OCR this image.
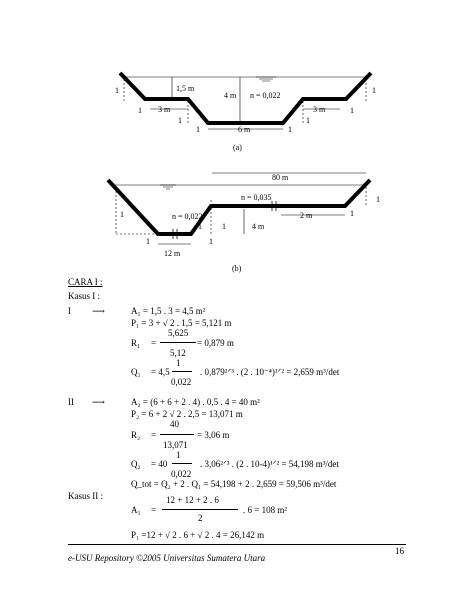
1,5 m
4 m n = 0,022
3 m	3 m
6 m
1	1
1	1
1	1
1	1
(a)
80 m
n = 0,035
n = 0,022	2 m
4 m
12 m
1
1
1	1
1
1
1
(b)
CARA I :
Kasus I :
I ⟶	A₁ = 1,5 . 3 = 4,5 m²
P₁ = 3 + √ 2 . 1,5 = 5,121 m
5,625
R₁ =	= 0,879 m
5,12
1
Q₁ = 4,5	. 0,879²ᐟ³ . (2 . 10⁻⁴)¹ᐟ² = 2,659 m³/det
0,022
II ⟶	A₂ = (6 + 6 + 2 . 4) . 0,5 . 4 = 40 m²
P₂ = 6 + 2 √ 2 . 2,5 = 13,071 m
40
R₂ =	= 3,06 m
13,071
1
Q₂ = 40	. 3,06²ᐟ³ . (2 . 10-4)¹ᐟ² = 54,198 m³/det
0,022
Q_tot = Q₂ + 2 . Q₁ = 54,198 + 2 . 2,659 = 59,506 m³/det
Kasus II :	12 + 12 + 2 . 6
A₁ =	. 6 = 108 m²
2
P₁ =12 + √ 2 . 6 + √ 2 . 4 = 26,142 m
16
e-USU Repository ©2005 Universitas Sumatera Utara
